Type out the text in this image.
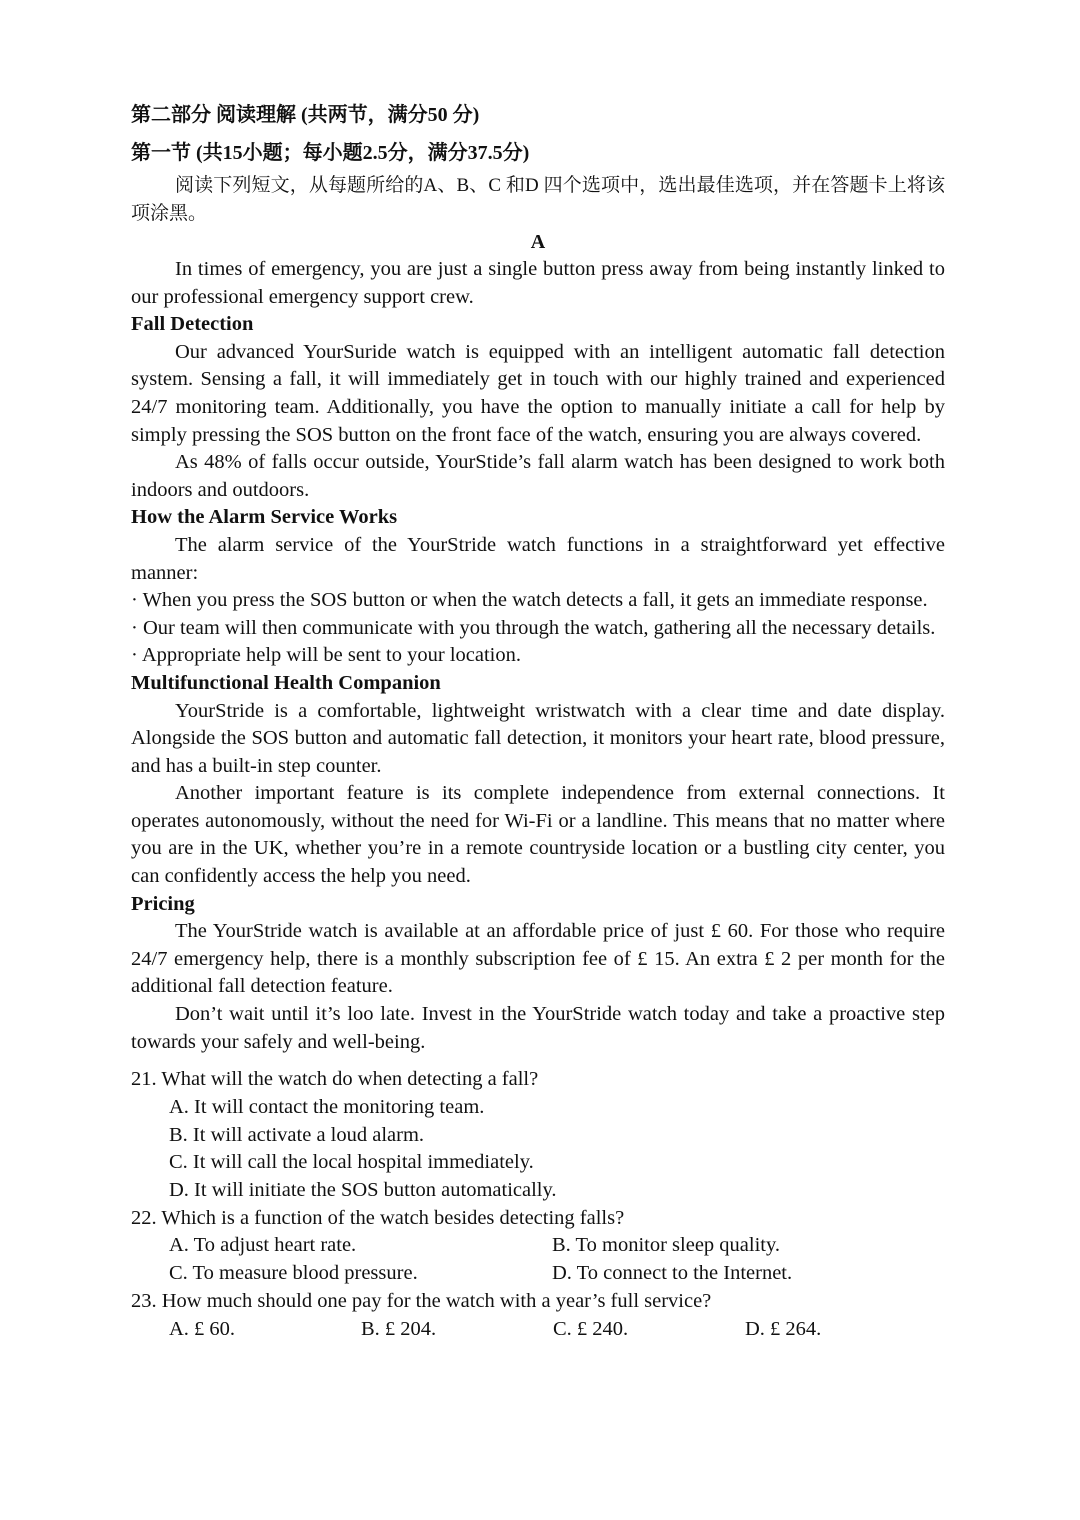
第二部分 阅读理解 (共两节，满分50 分)
第一节 (共15小题；每小题2.5分，满分37.5分)

阅读下列短文，从每题所给的A、B、C 和D 四个选项中，选出最佳选项，并在答题卡上将该项涂黑。

A

In times of emergency, you are just a single button press away from being instantly linked to our professional emergency support crew.

Fall Detection

Our advanced YourSuride watch is equipped with an intelligent automatic fall detection system. Sensing a fall, it will immediately get in touch with our highly trained and experienced 24/7 monitoring team. Additionally, you have the option to manually initiate a call for help by simply pressing the SOS button on the front face of the watch, ensuring you are always covered.

As 48% of falls occur outside, YourStide’s fall alarm watch has been designed to work both indoors and outdoors.

How the Alarm Service Works

The alarm service of the YourStride watch functions in a straightforward yet effective manner:

· When you press the SOS button or when the watch detects a fall, it gets an immediate response.

· Our team will then communicate with you through the watch, gathering all the necessary details.

· Appropriate help will be sent to your location.

Multifunctional Health Companion

YourStride is a comfortable, lightweight wristwatch with a clear time and date display. Alongside the SOS button and automatic fall detection, it monitors your heart rate, blood pressure, and has a built-in step counter.

Another important feature is its complete independence from external connections. It operates autonomously, without the need for Wi-Fi or a landline. This means that no matter where you are in the UK, whether you’re in a remote countryside location or a bustling city center, you can confidently access the help you need.

Pricing

The YourStride watch is available at an affordable price of just £ 60. For those who require 24/7 emergency help, there is a monthly subscription fee of £ 15. An extra £ 2 per month for the additional fall detection feature.

Don’t wait until it’s loo late. Invest in the YourStride watch today and take a proactive step towards your safely and well-being.

21. What will the watch do when detecting a fall?

A. It will contact the monitoring team.

B. It will activate a loud alarm.

C. It will call the local hospital immediately.

D. It will initiate the SOS button automatically.

22. Which is a function of the watch besides detecting falls?

A. To adjust heart rate.	B. To monitor sleep quality.
C. To measure blood pressure.	D. To connect to the Internet.

23. How much should one pay for the watch with a year’s full service?

A. £ 60.	B. £ 204.	C. £ 240.	D. £ 264.
